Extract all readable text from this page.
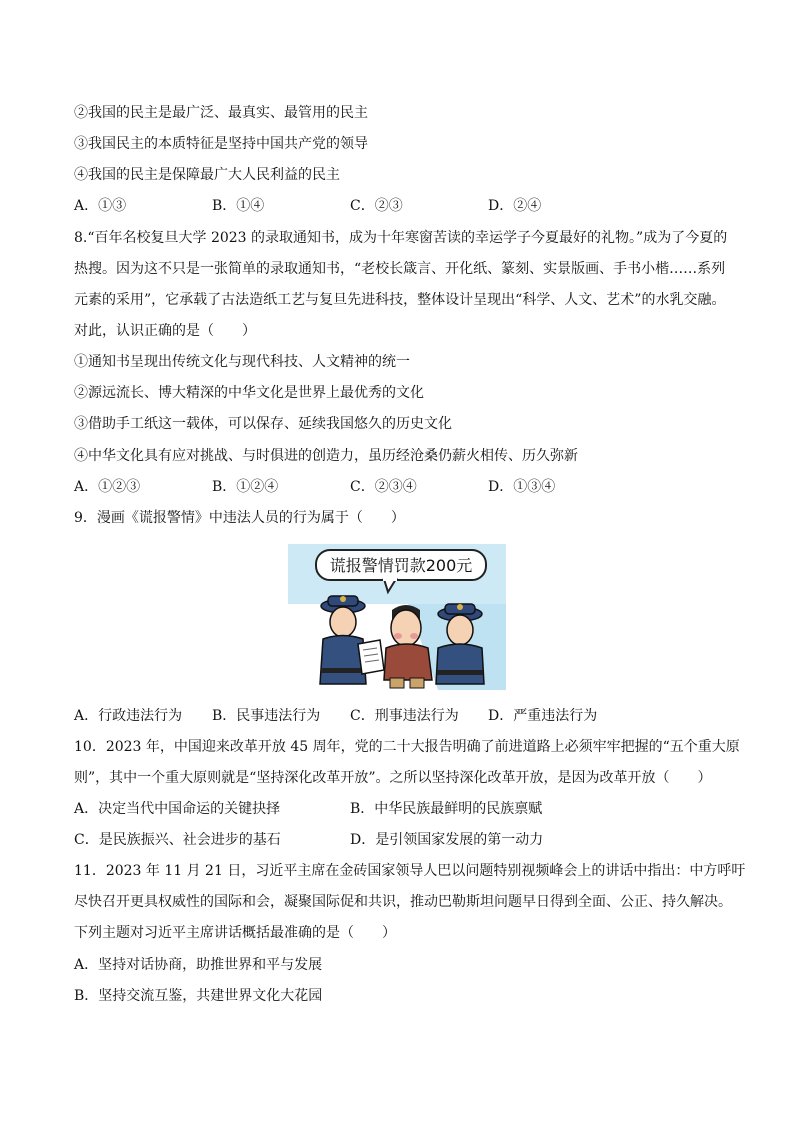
②我国的民主是最广泛、最真实、最管用的民主
③我国民主的本质特征是坚持中国共产党的领导
④我国的民主是保障最广大人民利益的民主
A．①③	B．①④	C．②③	D．②④
8.“百年名校复旦大学 2023 的录取通知书，成为十年寒窗苦读的幸运学子今夏最好的礼物。”成为了今夏的
热搜。因为这不只是一张简单的录取通知书，“老校长箴言、开化纸、篆刻、实景版画、手书小楷……系列
元素的采用”，它承载了古法造纸工艺与复旦先进科技，整体设计呈现出“科学、人文、艺术”的水乳交融。
对此，认识正确的是（　　）
①通知书呈现出传统文化与现代科技、人文精神的统一
②源远流长、博大精深的中华文化是世界上最优秀的文化
③借助手工纸这一载体，可以保存、延续我国悠久的历史文化
④中华文化具有应对挑战、与时俱进的创造力，虽历经沧桑仍薪火相传、历久弥新
A．①②③	B．①②④	C．②③④	D．①③④
9．漫画《谎报警情》中违法人员的行为属于（　　）
谎报警情罚款200元
A．行政违法行为 B．民事违法行为 C．刑事违法行为 D．严重违法行为
10．2023 年，中国迎来改革开放 45 周年，党的二十大报告明确了前进道路上必须牢牢把握的“五个重大原
则”，其中一个重大原则就是“坚持深化改革开放”。之所以坚持深化改革开放，是因为改革开放（　　）
A．决定当代中国命运的关键抉择	B．中华民族最鲜明的民族禀赋
C．是民族振兴、社会进步的基石	D．是引领国家发展的第一动力
11．2023 年 11 月 21 日，习近平主席在金砖国家领导人巴以问题特别视频峰会上的讲话中指出：中方呼吁
尽快召开更具权威性的国际和会，凝聚国际促和共识，推动巴勒斯坦问题早日得到全面、公正、持久解决。
下列主题对习近平主席讲话概括最准确的是（　　）
A．坚持对话协商，助推世界和平与发展
B．坚持交流互鉴，共建世界文化大花园
